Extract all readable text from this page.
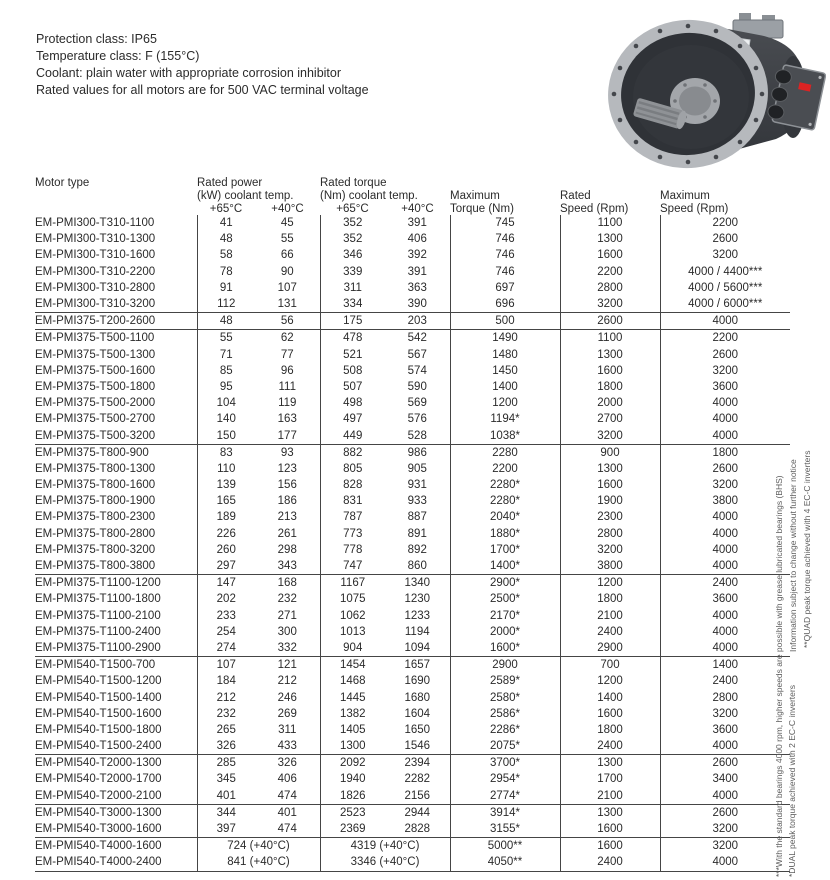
Protection class: IP65
Temperature class: F (155°C)
Coolant: plain water with appropriate corrosion inhibitor
Rated values for all motors are for 500 VAC terminal voltage
Motor type	Rated power		Rated torque				
	(kW) coolant temp.		(Nm) coolant temp.		Maximum	Rated	Maximum
	+65°C	+40°C	+65°C	+40°C	Torque (Nm)	Speed (Rpm)	Speed (Rpm)
EM-PMI300-T310-1100	41	45	352	391	745	1100	2200
EM-PMI300-T310-1300	48	55	352	406	746	1300	2600
EM-PMI300-T310-1600	58	66	346	392	746	1600	3200
EM-PMI300-T310-2200	78	90	339	391	746	2200	4000 / 4400***
EM-PMI300-T310-2800	91	107	311	363	697	2800	4000 / 5600***
EM-PMI300-T310-3200	112	131	334	390	696	3200	4000 / 6000***
EM-PMI375-T200-2600	48	56	175	203	500	2600	4000
EM-PMI375-T500-1100	55	62	478	542	1490	1100	2200
EM-PMI375-T500-1300	71	77	521	567	1480	1300	2600
EM-PMI375-T500-1600	85	96	508	574	1450	1600	3200
EM-PMI375-T500-1800	95	111	507	590	1400	1800	3600
EM-PMI375-T500-2000	104	119	498	569	1200	2000	4000
EM-PMI375-T500-2700	140	163	497	576	1194*	2700	4000
EM-PMI375-T500-3200	150	177	449	528	1038*	3200	4000
EM-PMI375-T800-900	83	93	882	986	2280	900	1800
EM-PMI375-T800-1300	110	123	805	905	2200	1300	2600
EM-PMI375-T800-1600	139	156	828	931	2280*	1600	3200
EM-PMI375-T800-1900	165	186	831	933	2280*	1900	3800
EM-PMI375-T800-2300	189	213	787	887	2040*	2300	4000
EM-PMI375-T800-2800	226	261	773	891	1880*	2800	4000
EM-PMI375-T800-3200	260	298	778	892	1700*	3200	4000
EM-PMI375-T800-3800	297	343	747	860	1400*	3800	4000
EM-PMI375-T1100-1200	147	168	1167	1340	2900*	1200	2400
EM-PMI375-T1100-1800	202	232	1075	1230	2500*	1800	3600
EM-PMI375-T1100-2100	233	271	1062	1233	2170*	2100	4000
EM-PMI375-T1100-2400	254	300	1013	1194	2000*	2400	4000
EM-PMI375-T1100-2900	274	332	904	1094	1600*	2900	4000
EM-PMI540-T1500-700	107	121	1454	1657	2900	700	1400
EM-PMI540-T1500-1200	184	212	1468	1690	2589*	1200	2400
EM-PMI540-T1500-1400	212	246	1445	1680	2580*	1400	2800
EM-PMI540-T1500-1600	232	269	1382	1604	2586*	1600	3200
EM-PMI540-T1500-1800	265	311	1405	1650	2286*	1800	3600
EM-PMI540-T1500-2400	326	433	1300	1546	2075*	2400	4000
EM-PMI540-T2000-1300	285	326	2092	2394	3700*	1300	2600
EM-PMI540-T2000-1700	345	406	1940	2282	2954*	1700	3400
EM-PMI540-T2000-2100	401	474	1826	2156	2774*	2100	4000
EM-PMI540-T3000-1300	344	401	2523	2944	3914*	1300	2600
EM-PMI540-T3000-1600	397	474	2369	2828	3155*	1600	3200
EM-PMI540-T4000-1600	724 (+40°C)		4319 (+40°C)		5000**	1600	3200
EM-PMI540-T4000-2400	841 (+40°C)		3346 (+40°C)		4050**	2400	4000	***With the standard bearings 4000 rpm, higher speeds are possible with grease lubricated bearings (BHS) *DUAL peak torque achieved with 2 EC-C inverters
Information subject to change without further notice **QUAD peak torque achieved with 4 EC-C inverters
